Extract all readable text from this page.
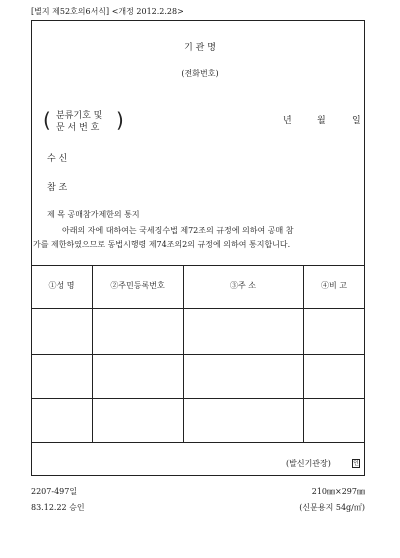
[별지 제52호의6서식] <개정 2012.2.28>
기 관 명
(전화번호)
( 분류기호 및
문 서 번 호 )	년	월	일
수 신
참 조
제 목 공매참가제한의 통지
아래의 자에 대하여는 국세징수법 제72조의 규정에 의하여 공매 참
가를 제한하였으므로 동법시행령 제74조의2의 규정에 의하여 통지합니다.
①성 명	②주민등록번호	③주 소	④비 고
(발신기관장)	인
2207-497일
83.12.22 승인
210㎜×297㎜
(신문용지 54g/㎡)
